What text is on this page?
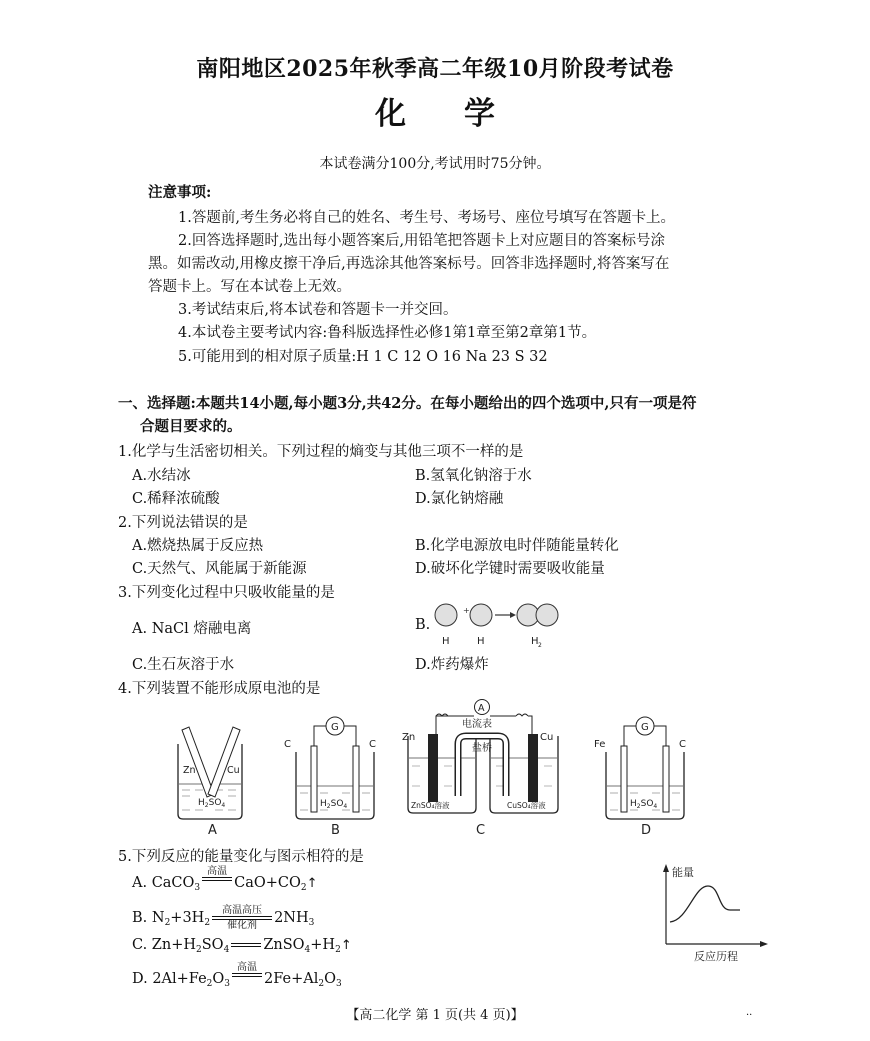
南阳地区2025年秋季高二年级10月阶段考试卷
化学
本试卷满分100分,考试用时75分钟。
注意事项:
1.答题前,考生务必将自己的姓名、考生号、考场号、座位号填写在答题卡上。
2.回答选择题时,选出每小题答案后,用铅笔把答题卡上对应题目的答案标号涂
黑。如需改动,用橡皮擦干净后,再选涂其他答案标号。回答非选择题时,将答案写在
答题卡上。写在本试卷上无效。
3.考试结束后,将本试卷和答题卡一并交回。
4.本试卷主要考试内容:鲁科版选择性必修1第1章至第2章第1节。
5.可能用到的相对原子质量:H 1 C 12 O 16 Na 23 S 32
一、选择题:本题共14小题,每小题3分,共42分。在每小题给出的四个选项中,只有一项是符
合题目要求的。
1.化学与生活密切相关。下列过程的熵变与其他三项不一样的是
A.水结冰	B.氢氧化钠溶于水
C.稀释浓硫酸	D.氯化钠熔融
2.下列说法错误的是
A.燃烧热属于反应热	B.化学电源放电时伴随能量转化
C.天然气、风能属于新能源	D.破坏化学键时需要吸收能量
3.下列变化过程中只吸收能量的是
A. NaCl 熔融电离	B.
+
H	H	H 2
C.生石灰溶于水	D.炸药爆炸
4.下列装置不能形成原电池的是
Zn	Cu
$H_2SO_4$
A
G
C	C
$H_2SO_4$
B
A
电流表
盐桥
Zn	Cu
ZnSO₄溶液	CuSO₄溶液
C
G
Fe	C
$H_2SO_4$
D
5.下列反应的能量变化与图示相符的是
A. CaCO$_3$
高温

$CaO+CO_2↑$
B. $N_2+3H_2$
高温高压
催化剂	$2NH_3$
C. $Zn+H_2SO_4$ $ZnSO_4+H_2↑$
D. $2Al+Fe_2O_3$
高温

$2Fe+Al_2O_3$
能量
反应历程
【高二化学 第 1 页(共 4 页)】	··
